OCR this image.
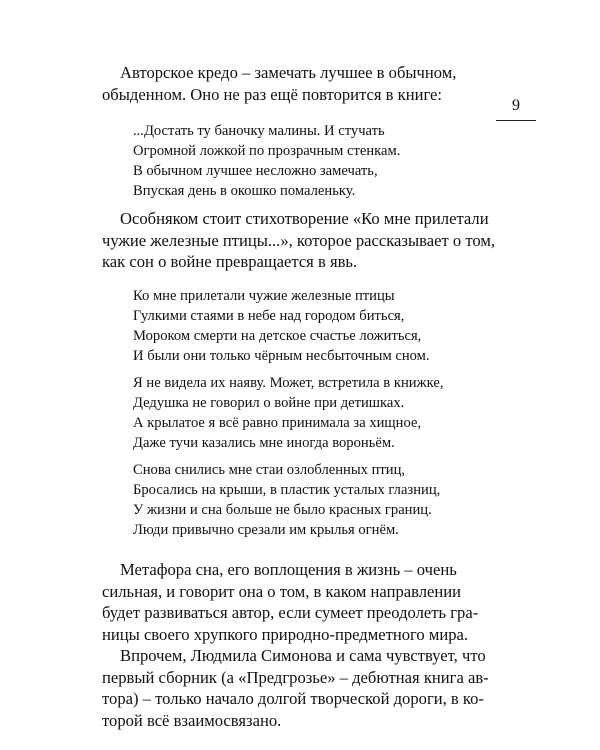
9

Авторское кредо – замечать лучшее в обычном,
обыденном. Оно не раз ещё повторится в книге:

...Достать ту баночку малины. И стучать
Огромной ложкой по прозрачным стенкам.
В обычном лучшее несложно замечать,
Впуская день в окошко помаленьку.

Особняком стоит стихотворение «Ко мне прилетали
чужие железные птицы...», которое рассказывает о том,
как сон о войне превращается в явь.

Ко мне прилетали чужие железные птицы
Гулкими стаями в небе над городом биться,
Мороком смерти на детское счастье ложиться,
И были они только чёрным несбыточным сном.
Я не видела их наяву. Может, встретила в книжке,
Дедушка не говорил о войне при детишках.
А крылатое я всё равно принимала за хищное,
Даже тучи казались мне иногда вороньём.
Снова снились мне стаи озлобленных птиц,
Бросались на крыши, в пластик усталых глазниц,
У жизни и сна больше не было красных границ.
Люди привычно срезали им крылья огнём.

Метафора сна, его воплощения в жизнь – очень
сильная, и говорит она о том, в каком направлении
будет развиваться автор, если сумеет преодолеть гра-
ницы своего хрупкого природно-предметного мира.

Впрочем, Людмила Симонова и сама чувствует, что
первый сборник (а «Предгрозье» – дебютная книга ав-
тора) – только начало долгой творческой дороги, в ко-
торой всё взаимосвязано.
